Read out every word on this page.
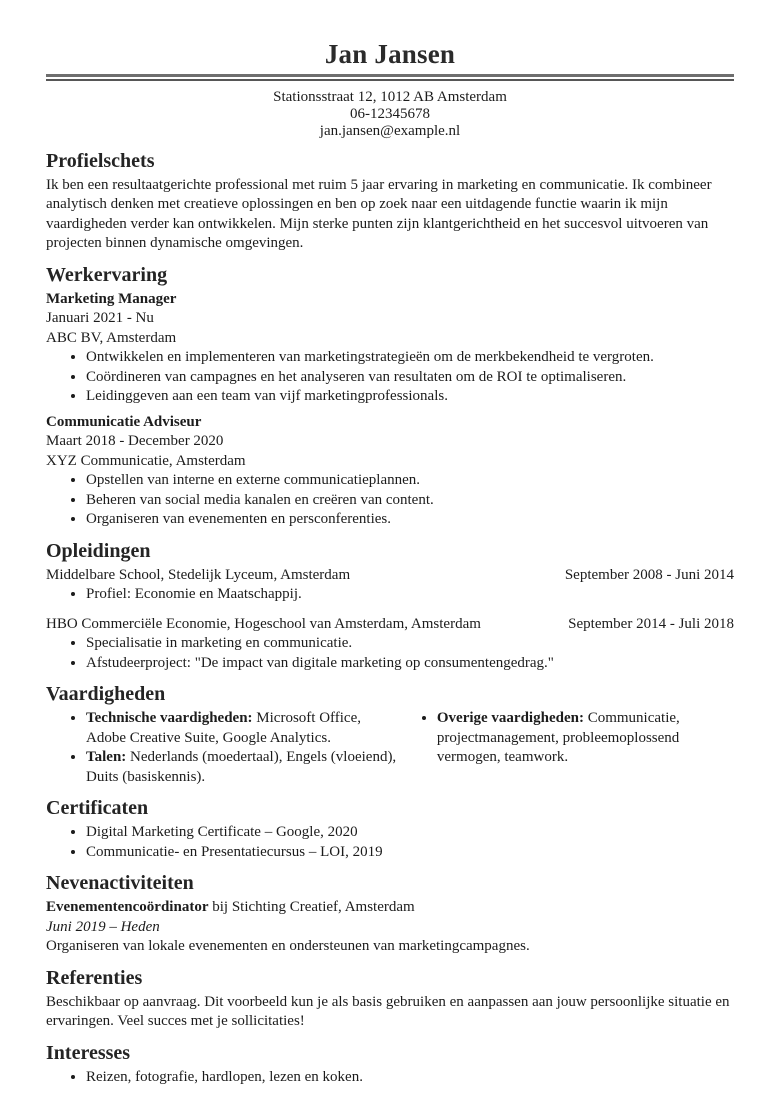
Jan Jansen
Stationsstraat 12, 1012 AB Amsterdam
06-12345678
jan.jansen@example.nl
Profielschets

Ik ben een resultaatgerichte professional met ruim 5 jaar ervaring in marketing en communicatie. Ik combineer analytisch denken met creatieve oplossingen en ben op zoek naar een uitdagende functie waarin ik mijn vaardigheden verder kan ontwikkelen. Mijn sterke punten zijn klantgerichtheid en het succesvol uitvoeren van projecten binnen dynamische omgevingen.

Werkervaring
Marketing Manager
Januari 2021 - Nu
ABC BV, Amsterdam
• Ontwikkelen en implementeren van marketingstrategieën om de merkbekendheid te vergroten.
• Coördineren van campagnes en het analyseren van resultaten om de ROI te optimaliseren.
• Leidinggeven aan een team van vijf marketingprofessionals.
Communicatie Adviseur
Maart 2018 - December 2020
XYZ Communicatie, Amsterdam
• Opstellen van interne en externe communicatieplannen.
• Beheren van social media kanalen en creëren van content.
• Organiseren van evenementen en persconferenties.
Opleidingen
Middelbare School, Stedelijk Lyceum, Amsterdam	September 2008 - Juni 2014
• Profiel: Economie en Maatschappij.
HBO Commerciële Economie, Hogeschool van Amsterdam, Amsterdam	September 2014 - Juli 2018
• Specialisatie in marketing en communicatie.
• Afstudeerproject: "De impact van digitale marketing op consumentengedrag."
Vaardigheden
• Technische vaardigheden: Microsoft Office, Adobe Creative Suite, Google Analytics.
• Talen: Nederlands (moedertaal), Engels (vloeiend), Duits (basiskennis).
• Overige vaardigheden: Communicatie, projectmanagement, probleemoplossend vermogen, teamwork.
Certificaten
• Digital Marketing Certificate – Google, 2020
• Communicatie- en Presentatiecursus – LOI, 2019
Nevenactiviteiten

Evenementencoördinator bij Stichting Creatief, Amsterdam

Juni 2019 – Heden

Organiseren van lokale evenementen en ondersteunen van marketingcampagnes.

Referenties

Beschikbaar op aanvraag. Dit voorbeeld kun je als basis gebruiken en aanpassen aan jouw persoonlijke situatie en ervaringen. Veel succes met je sollicitaties!

Interesses
• Reizen, fotografie, hardlopen, lezen en koken.
